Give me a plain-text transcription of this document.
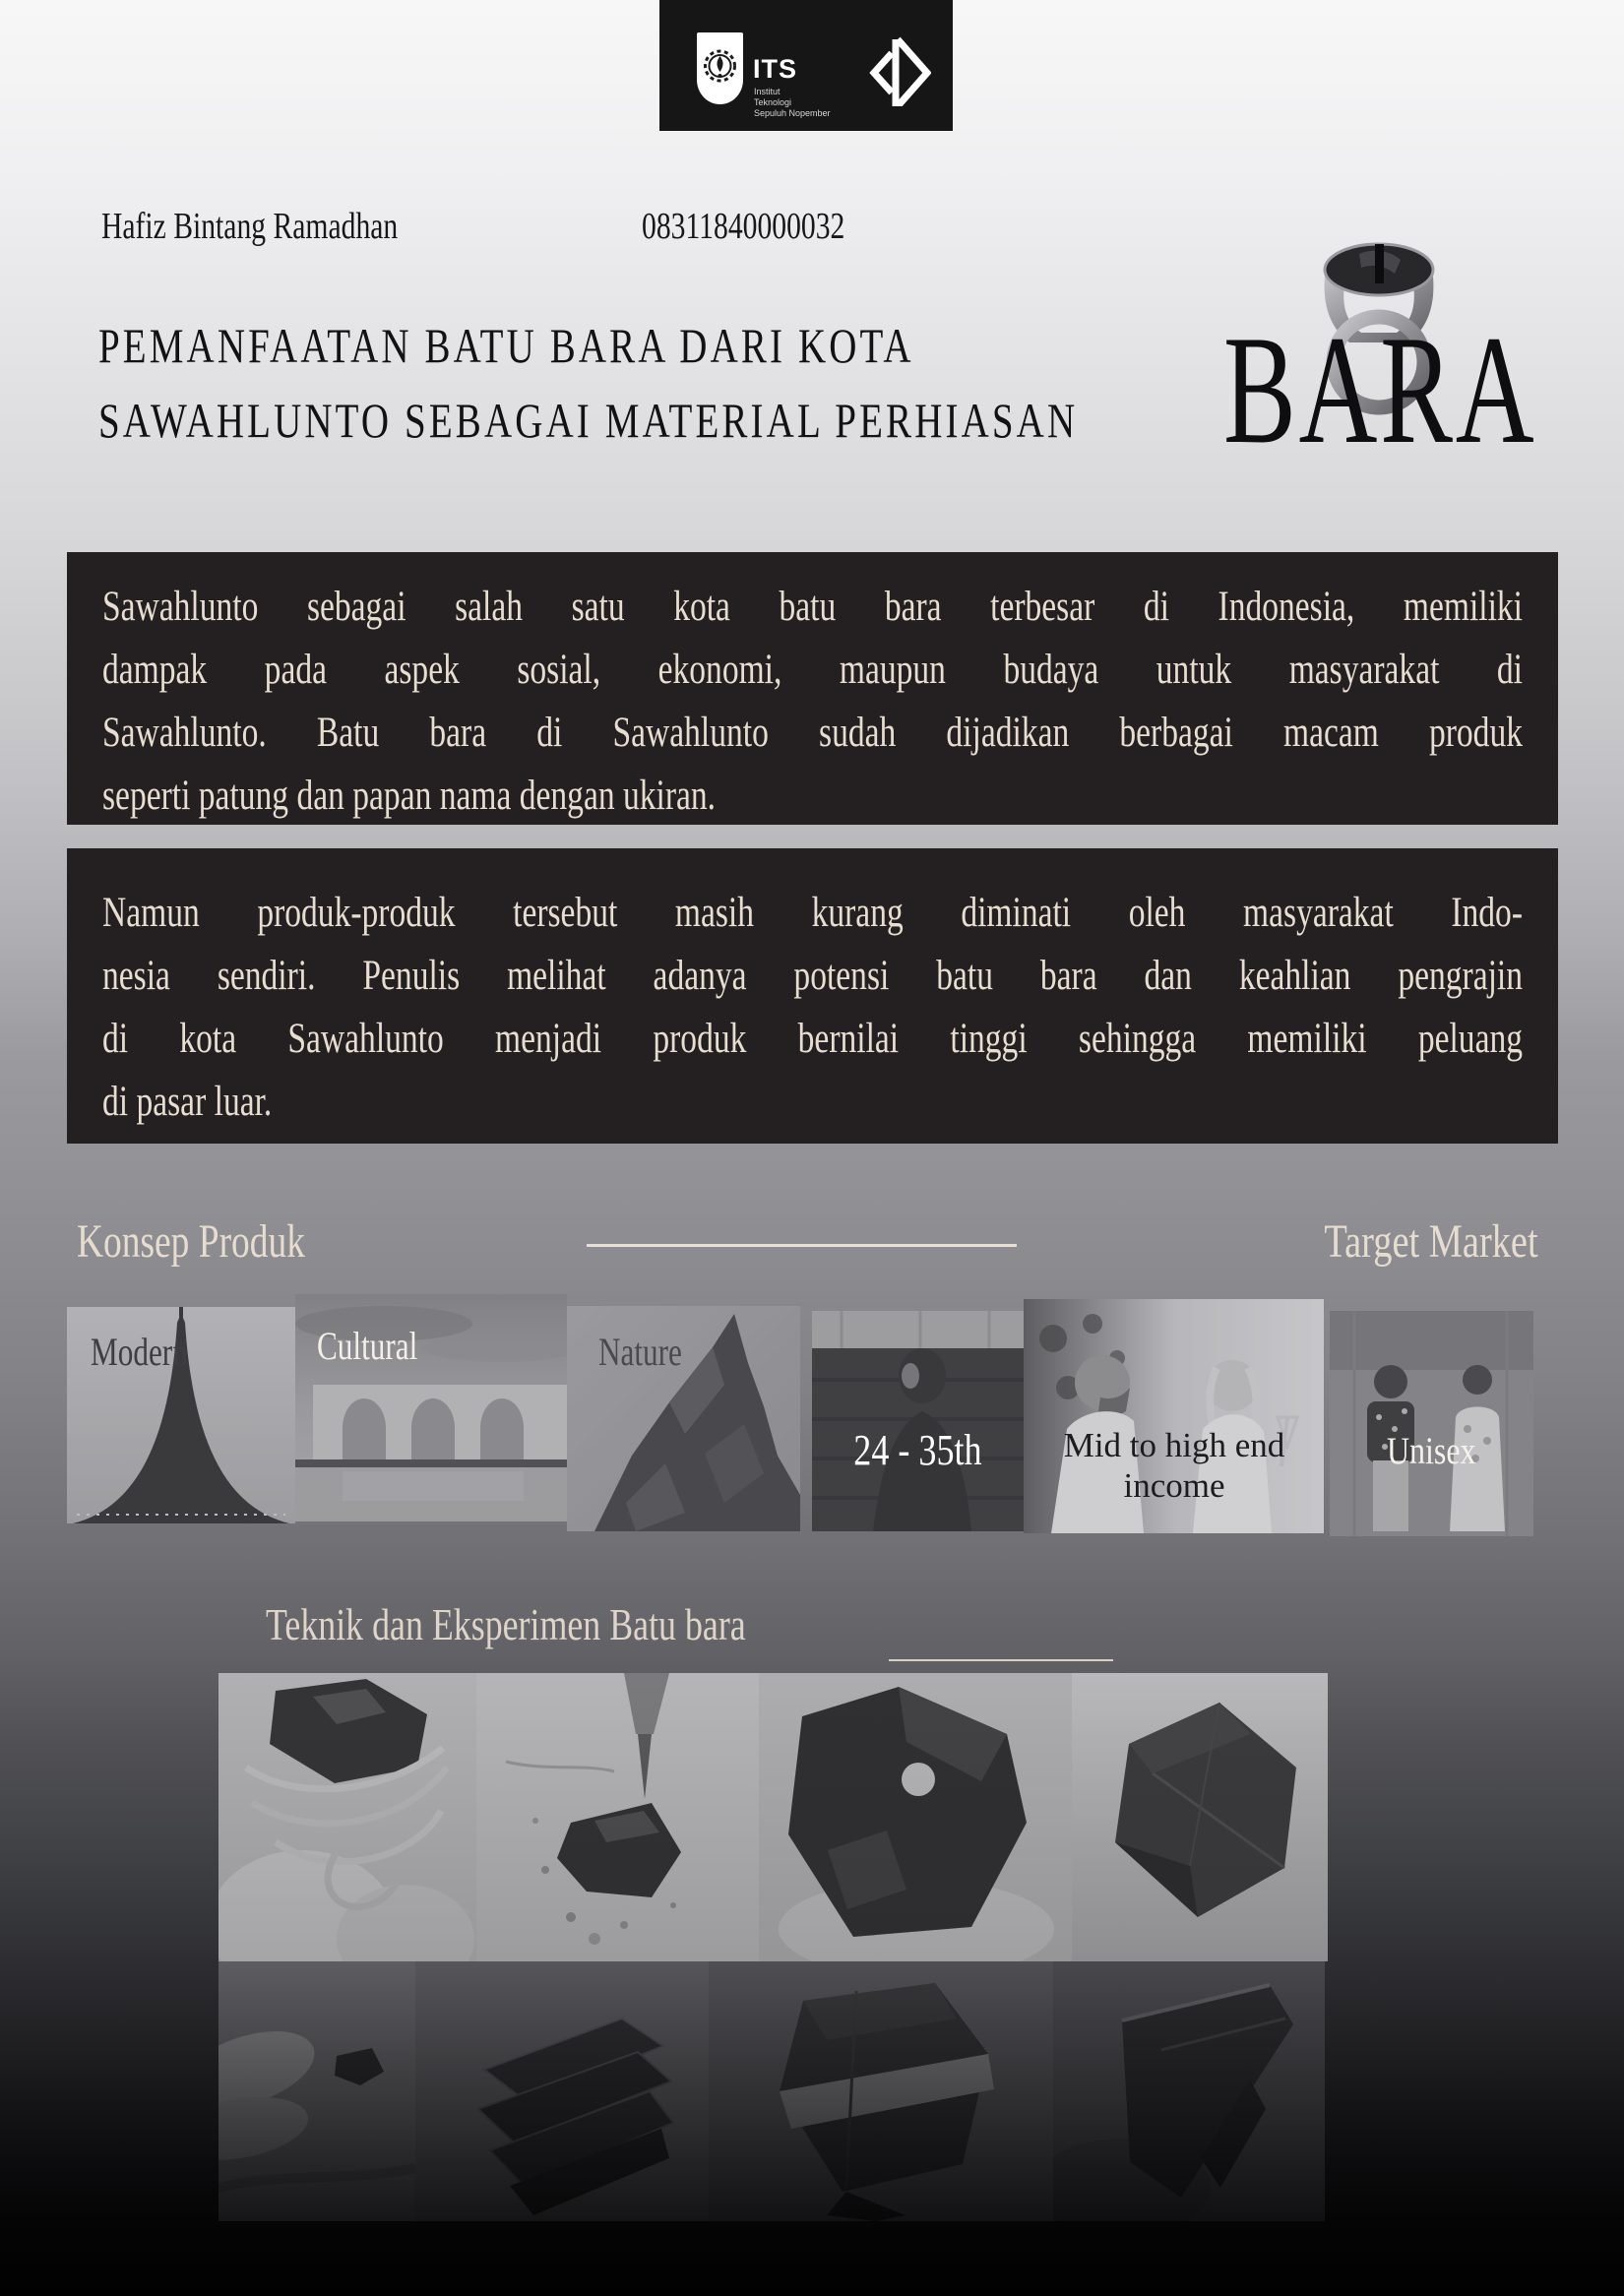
ITS
Institut
Teknologi
Sepuluh Nopember
Hafiz Bintang Ramadhan	08311840000032
PEMANFAATAN BATU BARA DARI KOTA
SAWAHLUNTO SEBAGAI MATERIAL PERHIASAN BARA
Sawahlunto sebagai salah satu kota batu bara terbesar di Indonesia, memiliki
dampak pada aspek sosial, ekonomi, maupun budaya untuk masyarakat di
Sawahlunto. Batu bara di Sawahlunto sudah dijadikan berbagai macam produk
seperti patung dan papan nama dengan ukiran.
Namun produk-produk tersebut masih kurang diminati oleh masyarakat Indo-
nesia sendiri. Penulis melihat adanya potensi batu bara dan keahlian pengrajin
di kota Sawahlunto menjadi produk bernilai tinggi sehingga memiliki peluang
di pasar luar.
Konsep Produk	Target Market
Modern	Cultural	Nature
24 - 35th	Mid to high end income
Unisex
Teknik dan Eksperimen Batu bara
